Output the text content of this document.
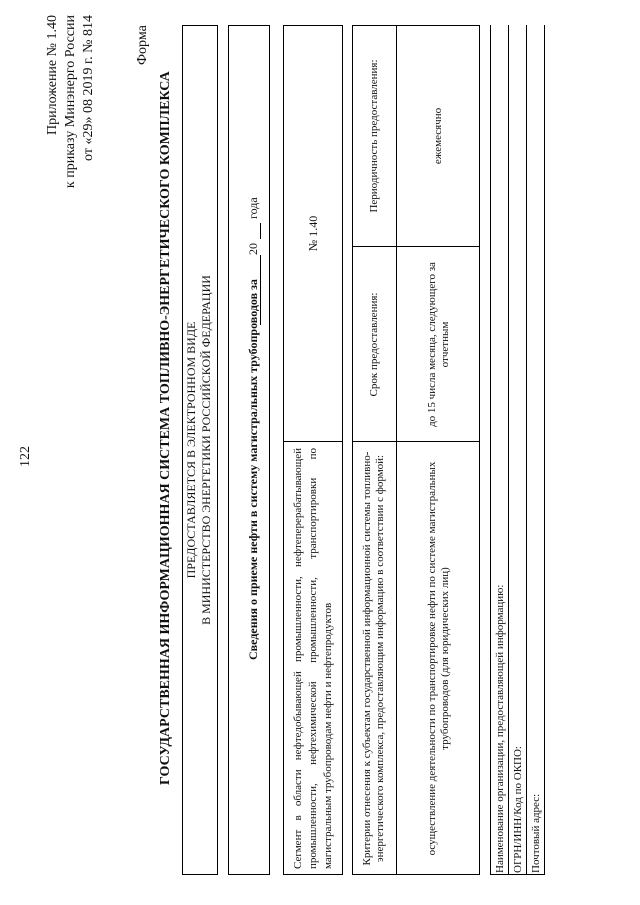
122
Приложение № 1.40 к приказу Минэнерго России от «29» 08 2019 г. № 814	Форма
ГОСУДАРСТВЕННАЯ ИНФОРМАЦИОННАЯ СИСТЕМА ТОПЛИВНО-ЭНЕРГЕТИЧЕСКОГО КОМПЛЕКСА ПРЕДОСТАВЛЯЕТСЯ В ЭЛЕКТРОННОМ ВИДЕ В МИНИСТЕРСТВО ЭНЕРГЕТИКИ РОССИЙСКОЙ ФЕДЕРАЦИИ	Сведения о приеме нефти в систему магистральных трубопроводов за
20
года
Сегмент в области нефтедобывающей промышленности, нефтеперерабатывающей промышленности, нефтехимической промышленности, транспортировки по магистральным трубопроводам нефти и нефтепродуктов
№ 1.40
Критерии отнесения к субъектам государственной информационной системы топливно-энергетического комплекса, предоставляющим информацию в соответствии с формой:
Срок предоставления:
Периодичность предоставления:
осуществление деятельности по транспортировке нефти по системе магистральных трубопроводов (для юридических лиц)
до 15 числа месяца, следующего за отчетным
ежемесячно
Наименование организации, предоставляющей информацию: ОГРН/ИНН/Код по ОКПО: Почтовый адрес:
